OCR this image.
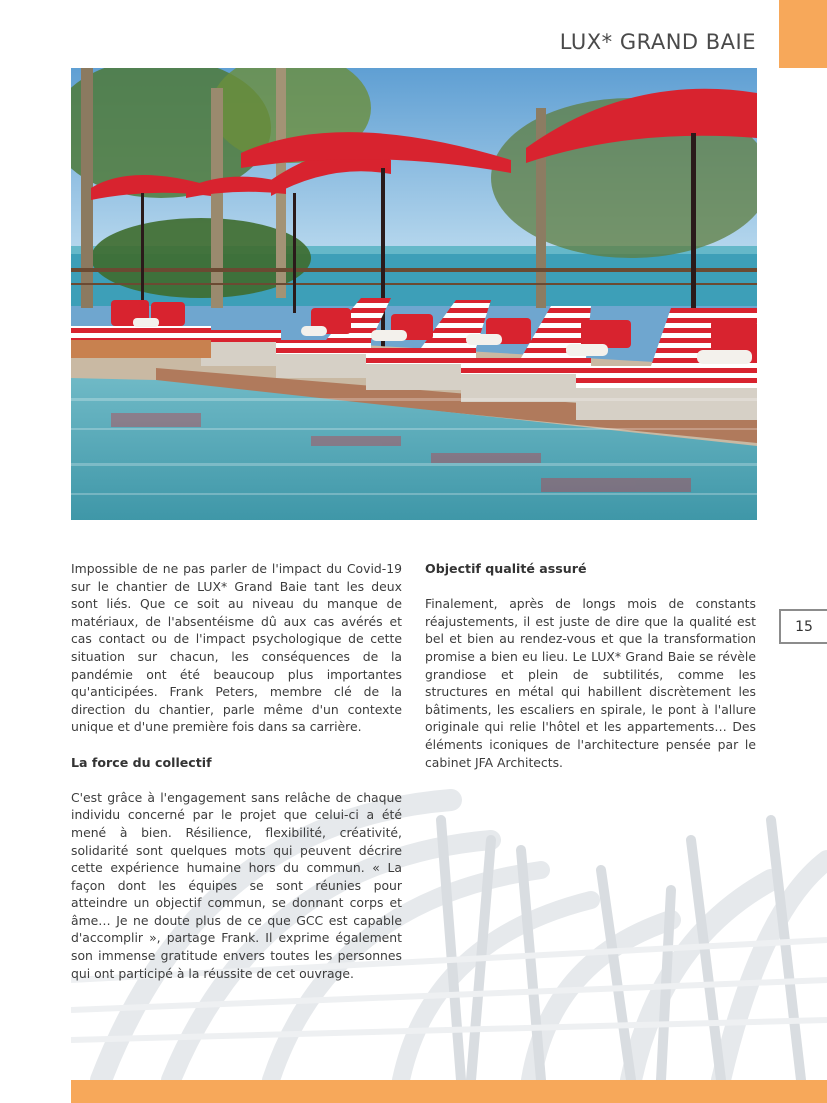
LUX* GRAND BAIE
15

Impossible de ne pas parler de l'impact du Covid-19 sur le chantier de LUX* Grand Baie tant les deux sont liés. Que ce soit au niveau du manque de matériaux, de l'absentéisme dû aux cas avérés et cas contact ou de l'impact psychologique de cette situation sur chacun, les conséquences de la pandémie ont été beaucoup plus importantes qu'anticipées. Frank Peters, membre clé de la direction du chantier, parle même d'un contexte unique et d'une première fois dans sa carrière.

La force du collectif

C'est grâce à l'engagement sans relâche de chaque individu concerné par le projet que celui-ci a été mené à bien. Résilience, flexibilité, créativité, solidarité sont quelques mots qui peuvent décrire cette expérience humaine hors du commun. « La façon dont les équipes se sont réunies pour atteindre un objectif commun, se donnant corps et âme… Je ne doute plus de ce que GCC est capable d'accomplir », partage Frank. Il exprime également son immense gratitude envers toutes les personnes qui ont participé à la réussite de cet ouvrage.

Objectif qualité assuré

Finalement, après de longs mois de constants réajustements, il est juste de dire que la qualité est bel et bien au rendez-vous et que la transformation promise a bien eu lieu. Le LUX* Grand Baie se révèle grandiose et plein de subtilités, comme les structures en métal qui habillent discrètement les bâtiments, les escaliers en spirale, le pont à l'allure originale qui relie l'hôtel et les appartements… Des éléments iconiques de l'architecture pensée par le cabinet JFA Architects.
